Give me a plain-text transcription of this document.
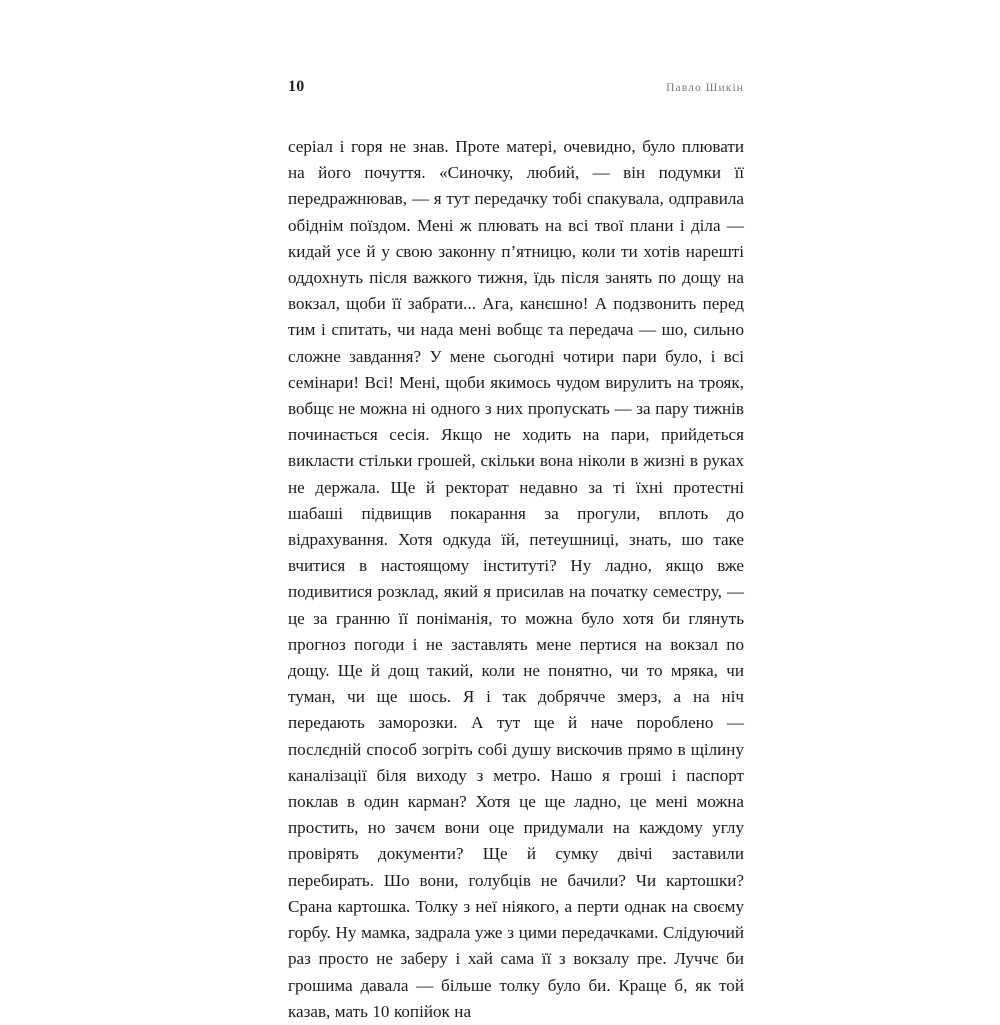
10	Павло Шикін

серіал і горя не знав. Проте матері, очевидно, було плювати на його почуття. «Синочку, любий, — він подумки її передражнював, — я тут передачку тобі спакувала, одправила обіднім поїздом. Мені ж плювать на всі твої плани і діла — кидай усе й у свою законну п’ятницю, коли ти хотів нарешті оддохнуть після важкого тижня, їдь після занять по дощу на вокзал, щоби її забрати... Ага, канєшно! А подзвонить перед тим і спитать, чи нада мені вобщє та передача — шо, сильно сложне завдання? У мене сьогодні чотири пари було, і всі семінари! Всі! Мені, щоби якимось чудом вирулить на трояк, вобщє не можна ні одного з них пропускать — за пару тижнів починається сесія. Якщо не ходить на пари, прийдеться викласти стільки грошей, скільки вона ніколи в жизні в руках не держала. Ще й ректорат недавно за ті їхні протестні шабаші підвищив покарання за прогули, вплоть до відрахування. Хотя одкуда їй, петеушниці, знать, шо таке вчитися в настоящому інституті? Ну ладно, якщо вже подивитися розклад, який я присилав на початку семестру, — це за гранню її поніманія, то можна було хотя би глянуть прогноз погоди і не заставлять мене пертися на вокзал по дощу. Ще й дощ такий, коли не понятно, чи то мряка, чи туман, чи ще шось. Я і так добрячче змерз, а на ніч передають заморозки. А тут ще й наче пороблено — послєдній способ зогріть собі душу вискочив прямо в щілину каналізації біля виходу з метро. Нашо я гроші і паспорт поклав в один карман? Хотя це ще ладно, це мені можна простить, но зачєм вони оце придумали на каждому углу провірять документи? Ще й сумку двічі заставили перебирать. Шо вони, голубців не бачили? Чи картошки? Срана картошка. Толку з неї ніякого, а перти однак на своєму горбу. Ну мамка, задрала уже з цими передачками. Слідуючий раз просто не заберу і хай сама її з вокзалу пре. Луччє би грошима давала — більше толку було би. Краще б, як той казав, мать 10 копійок на
